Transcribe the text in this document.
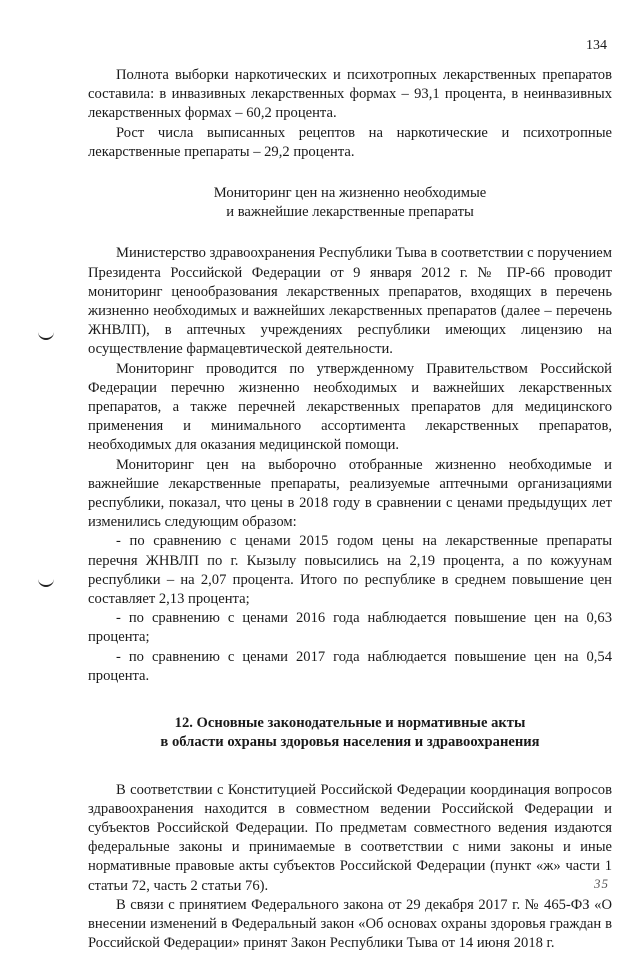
134

Полнота выборки наркотических и психотропных лекарственных препаратов составила: в инвазивных лекарственных формах – 93,1 процента, в неинвазивных лекарственных формах – 60,2 процента.

Рост числа выписанных рецептов на наркотические и психотропные лекарственные препараты – 29,2 процента.

Мониторинг цен на жизненно необходимые

и важнейшие лекарственные препараты

Министерство здравоохранения Республики Тыва в соответствии с поручением Президента Российской Федерации от 9 января 2012 г. № ПР-66 проводит мониторинг ценообразования лекарственных препаратов, входящих в перечень жизненно необходимых и важнейших лекарственных препаратов (далее – перечень ЖНВЛП), в аптечных учреждениях республики имеющих лицензию на осуществление фармацевтической деятельности.

Мониторинг проводится по утвержденному Правительством Российской Федерации перечню жизненно необходимых и важнейших лекарственных препаратов, а также перечней лекарственных препаратов для медицинского применения и минимального ассортимента лекарственных препаратов, необходимых для оказания медицинской помощи.

Мониторинг цен на выборочно отобранные жизненно необходимые и важнейшие лекарственные препараты, реализуемые аптечными организациями республики, показал, что цены в 2018 году в сравнении с ценами предыдущих лет изменились следующим образом:

- по сравнению с ценами 2015 годом цены на лекарственные препараты перечня ЖНВЛП по г. Кызылу повысились на 2,19 процента, а по кожуунам республики – на 2,07 процента. Итого по республике в среднем повышение цен составляет 2,13 процента;

- по сравнению с ценами 2016 года наблюдается повышение цен на 0,63 процента;

- по сравнению с ценами 2017 года наблюдается повышение цен на 0,54 процента.

12. Основные законодательные и нормативные акты

в области охраны здоровья населения и здравоохранения

В соответствии с Конституцией Российской Федерации координация вопросов здравоохранения находится в совместном ведении Российской Федерации и субъектов Российской Федерации. По предметам совместного ведения издаются федеральные законы и принимаемые в соответствии с ними законы и иные нормативные правовые акты субъектов Российской Федерации (пункт «ж» части 1 статьи 72, часть 2 статьи 76).

В связи с принятием Федерального закона от 29 декабря 2017 г. № 465-ФЗ «О внесении изменений в Федеральный закон «Об основах охраны здоровья граждан в Российской Федерации» принят Закон Республики Тыва от 14 июня 2018 г.

35
